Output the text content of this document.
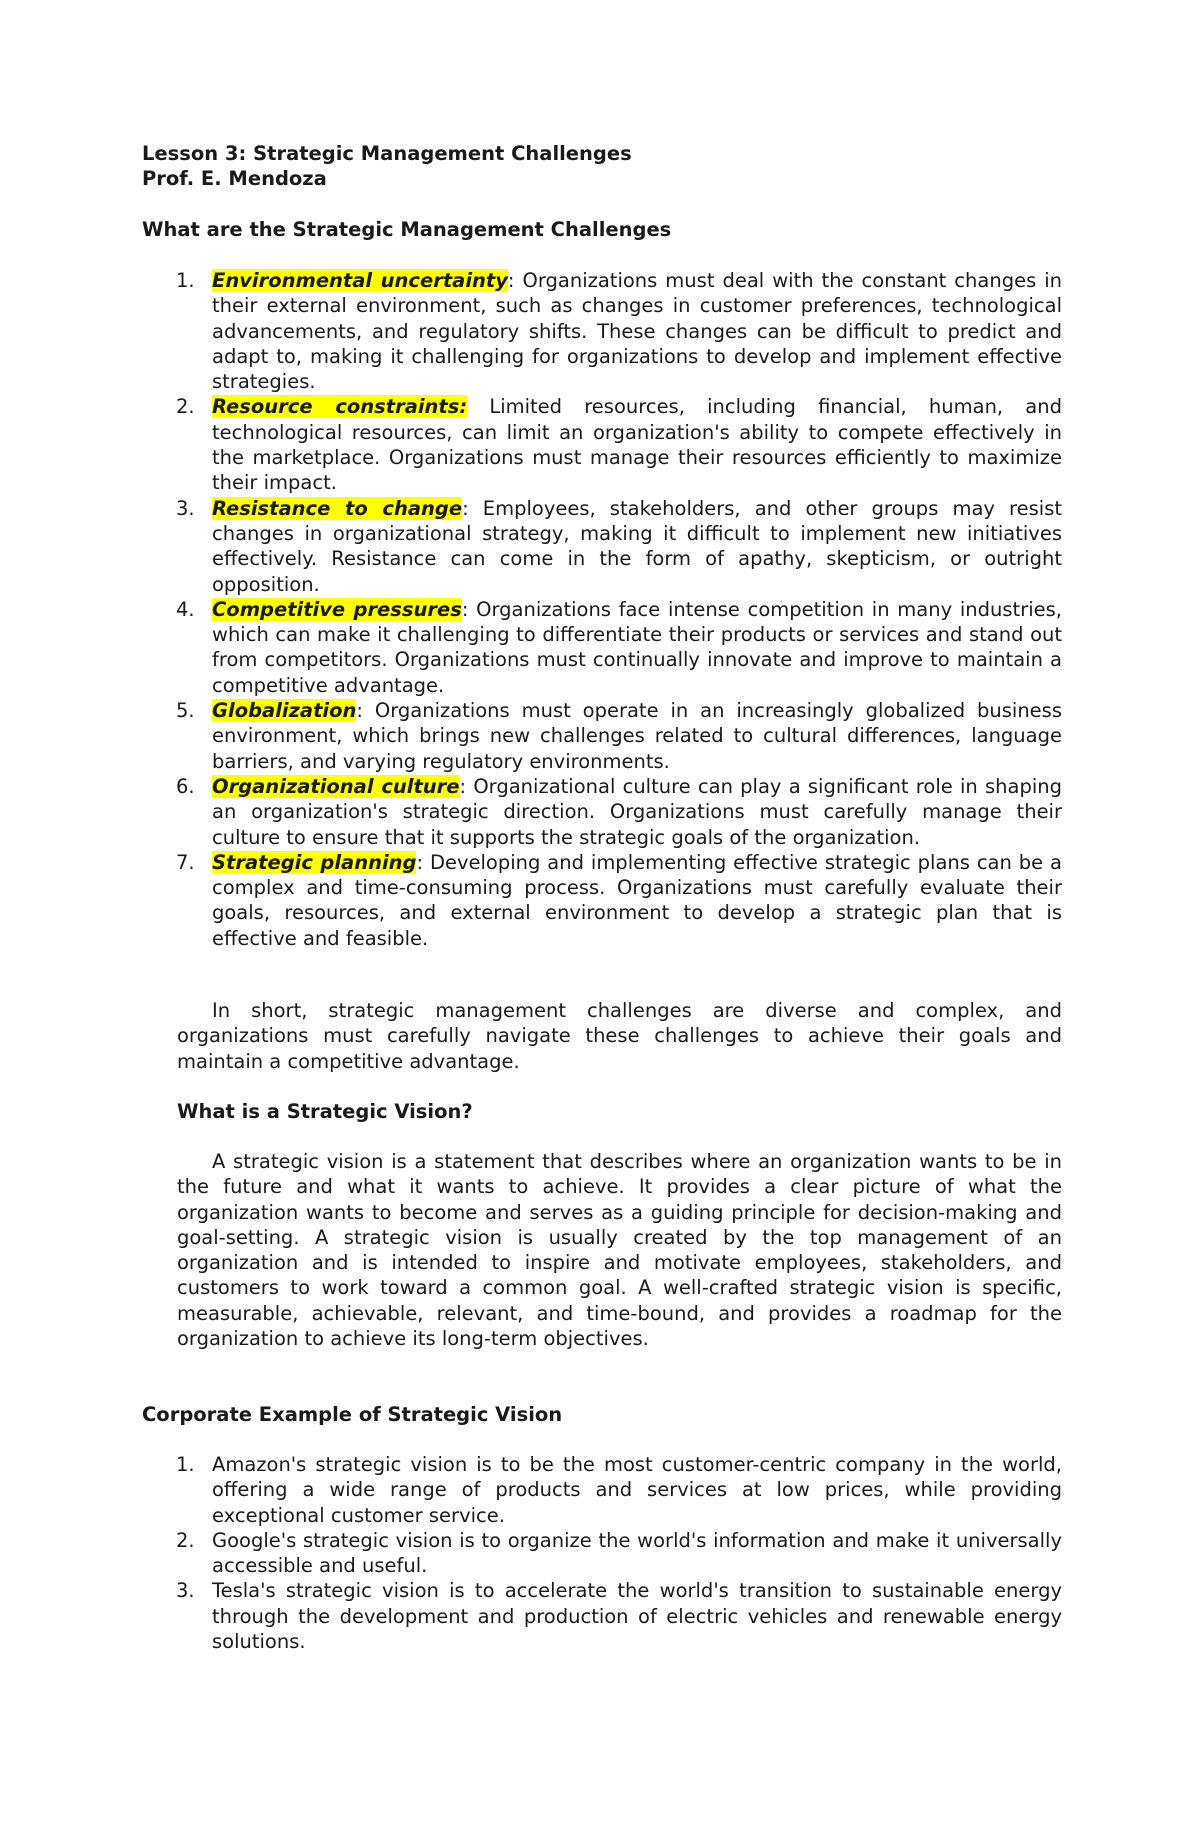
Lesson 3: Strategic Management Challenges
Prof. E. Mendoza
What are the Strategic Management Challenges
1. Environmental uncertainty: Organizations must deal with the constant changes in their external environment, such as changes in customer preferences, technological advancements, and regulatory shifts. These changes can be difficult to predict and adapt to, making it challenging for organizations to develop and implement effective strategies.
2. Resource constraints: Limited resources, including financial, human, and technological resources, can limit an organization's ability to compete effectively in the marketplace. Organizations must manage their resources efficiently to maximize their impact.
3. Resistance to change: Employees, stakeholders, and other groups may resist changes in organizational strategy, making it difficult to implement new initiatives effectively. Resistance can come in the form of apathy, skepticism, or outright opposition.
4. Competitive pressures: Organizations face intense competition in many industries, which can make it challenging to differentiate their products or services and stand out from competitors. Organizations must continually innovate and improve to maintain a competitive advantage.
5. Globalization: Organizations must operate in an increasingly globalized business environment, which brings new challenges related to cultural differences, language barriers, and varying regulatory environments.
6. Organizational culture: Organizational culture can play a significant role in shaping an organization's strategic direction. Organizations must carefully manage their culture to ensure that it supports the strategic goals of the organization.
7. Strategic planning: Developing and implementing effective strategic plans can be a complex and time-consuming process. Organizations must carefully evaluate their goals, resources, and external environment to develop a strategic plan that is effective and feasible.

In short, strategic management challenges are diverse and complex, and organizations must carefully navigate these challenges to achieve their goals and maintain a competitive advantage.

What is a Strategic Vision?

A strategic vision is a statement that describes where an organization wants to be in the future and what it wants to achieve. It provides a clear picture of what the organization wants to become and serves as a guiding principle for decision-making and goal-setting. A strategic vision is usually created by the top management of an organization and is intended to inspire and motivate employees, stakeholders, and customers to work toward a common goal. A well-crafted strategic vision is specific, measurable, achievable, relevant, and time-bound, and provides a roadmap for the organization to achieve its long-term objectives.

Corporate Example of Strategic Vision
1. Amazon's strategic vision is to be the most customer-centric company in the world, offering a wide range of products and services at low prices, while providing exceptional customer service.
2. Google's strategic vision is to organize the world's information and make it universally accessible and useful.
3. Tesla's strategic vision is to accelerate the world's transition to sustainable energy through the development and production of electric vehicles and renewable energy solutions.
